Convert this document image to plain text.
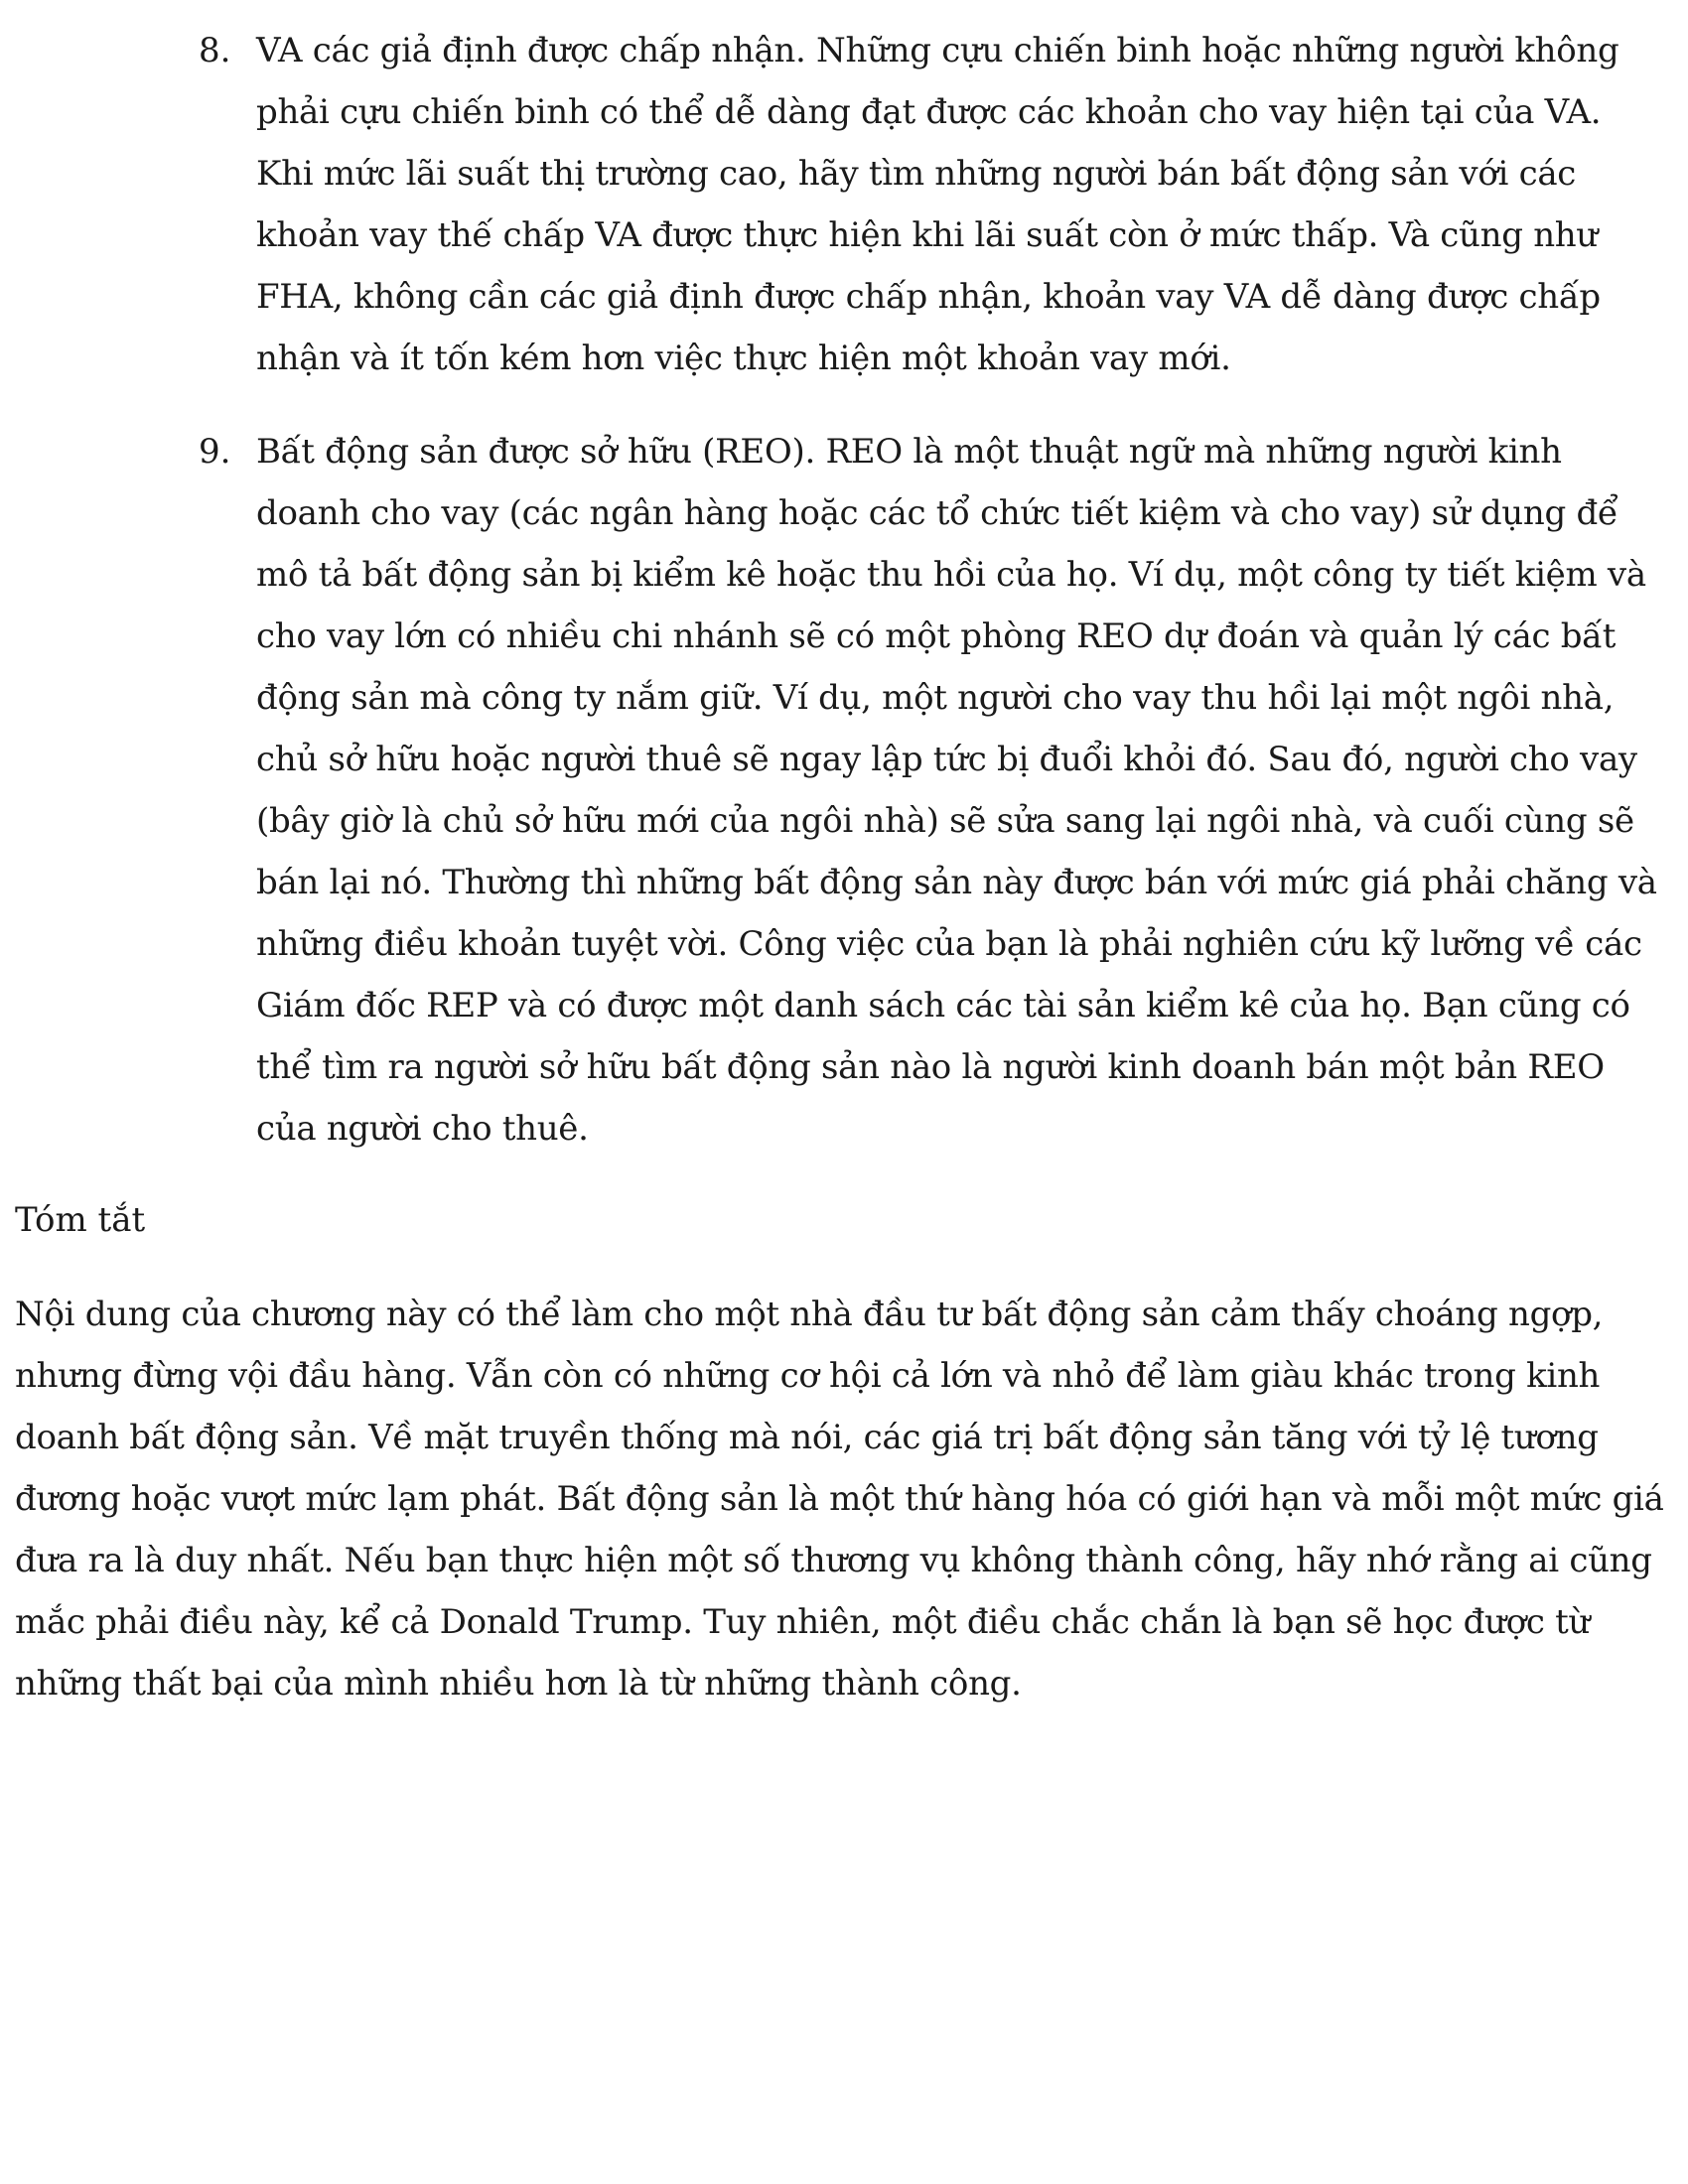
8. VA các giả định được chấp nhận. Những cựu chiến binh hoặc những người không phải cựu chiến binh có thể dễ dàng đạt được các khoản cho vay hiện tại của VA. Khi mức lãi suất thị trường cao, hãy tìm những người bán bất động sản với các khoản vay thế chấp VA được thực hiện khi lãi suất còn ở mức thấp. Và cũng như FHA, không cần các giả định được chấp nhận, khoản vay VA dễ dàng được chấp nhận và ít tốn kém hơn việc thực hiện một khoản vay mới.

9. Bất động sản được sở hữu (REO). REO là một thuật ngữ mà những người kinh doanh cho vay (các ngân hàng hoặc các tổ chức tiết kiệm và cho vay) sử dụng để mô tả bất động sản bị kiểm kê hoặc thu hồi của họ. Ví dụ, một công ty tiết kiệm và cho vay lớn có nhiều chi nhánh sẽ có một phòng REO dự đoán và quản lý các bất động sản mà công ty nắm giữ. Ví dụ, một người cho vay thu hồi lại một ngôi nhà, chủ sở hữu hoặc người thuê sẽ ngay lập tức bị đuổi khỏi đó. Sau đó, người cho vay (bây giờ là chủ sở hữu mới của ngôi nhà) sẽ sửa sang lại ngôi nhà, và cuối cùng sẽ bán lại nó. Thường thì những bất động sản này được bán với mức giá phải chăng và những điều khoản tuyệt vời. Công việc của bạn là phải nghiên cứu kỹ lưỡng về các Giám đốc REP và có được một danh sách các tài sản kiểm kê của họ. Bạn cũng có thể tìm ra người sở hữu bất động sản nào là người kinh doanh bán một bản REO của người cho thuê.

Tóm tắt

Nội dung của chương này có thể làm cho một nhà đầu tư bất động sản cảm thấy choáng ngợp, nhưng đừng vội đầu hàng. Vẫn còn có những cơ hội cả lớn và nhỏ để làm giàu khác trong kinh doanh bất động sản. Về mặt truyền thống mà nói, các giá trị bất động sản tăng với tỷ lệ tương đương hoặc vượt mức lạm phát. Bất động sản là một thứ hàng hóa có giới hạn và mỗi một mức giá đưa ra là duy nhất. Nếu bạn thực hiện một số thương vụ không thành công, hãy nhớ rằng ai cũng mắc phải điều này, kể cả Donald Trump. Tuy nhiên, một điều chắc chắn là bạn sẽ học được từ những thất bại của mình nhiều hơn là từ những thành công.
